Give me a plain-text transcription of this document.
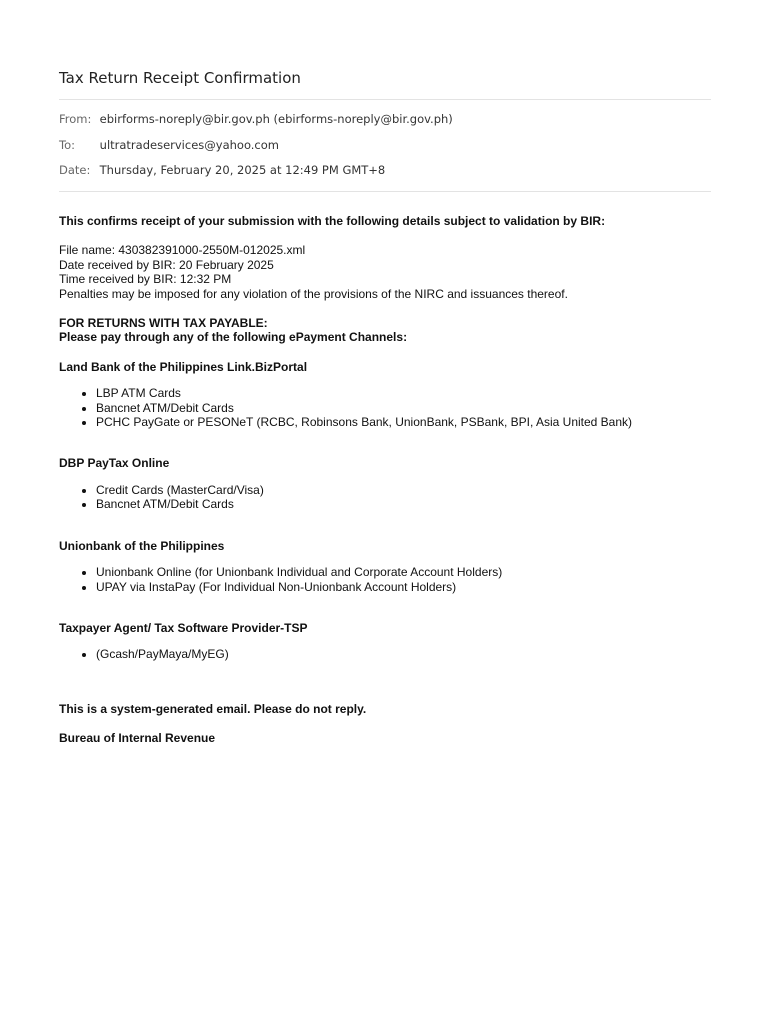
Tax Return Receipt Confirmation
From: ebirforms-noreply@bir.gov.ph (ebirforms-noreply@bir.gov.ph)
To: ultratradeservices@yahoo.com
Date: Thursday, February 20, 2025 at 12:49 PM GMT+8

This confirms receipt of your submission with the following details subject to validation by BIR:

File name: 430382391000-2550M-012025.xml

Date received by BIR: 20 February 2025

Time received by BIR: 12:32 PM

Penalties may be imposed for any violation of the provisions of the NIRC and issuances thereof.

FOR RETURNS WITH TAX PAYABLE:

Please pay through any of the following ePayment Channels:

Land Bank of the Philippines Link.BizPortal

• LBP ATM Cards
• Bancnet ATM/Debit Cards
• PCHC PayGate or PESONeT (RCBC, Robinsons Bank, UnionBank, PSBank, BPI, Asia United Bank)

DBP PayTax Online

• Credit Cards (MasterCard/Visa)
• Bancnet ATM/Debit Cards

Unionbank of the Philippines

• Unionbank Online (for Unionbank Individual and Corporate Account Holders)
• UPAY via InstaPay (For Individual Non-Unionbank Account Holders)

Taxpayer Agent/ Tax Software Provider-TSP

• (Gcash/PayMaya/MyEG)

This is a system-generated email. Please do not reply.

Bureau of Internal Revenue
